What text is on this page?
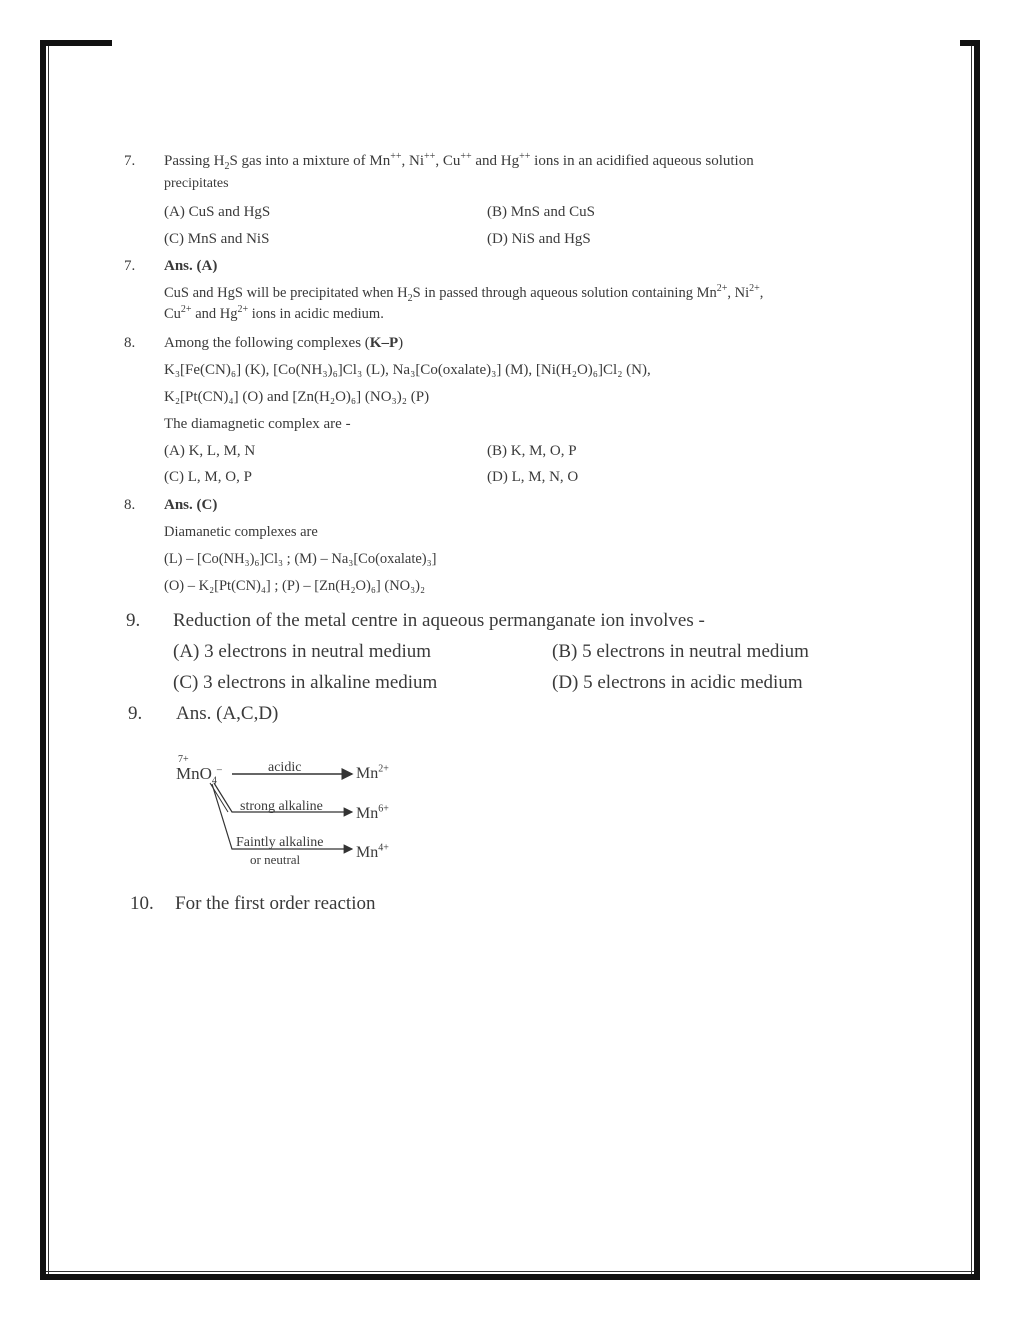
7. Passing $H_2S$ gas into a mixture of Mn++, Ni++, Cu++ and Hg++ ions in an acidified aqueous solution
precipitates
(A) CuS and HgS	(B) MnS and CuS
(C) MnS and NiS	(D) NiS and HgS
7. Ans. (A)
CuS and HgS will be precipitated when $H_2S$ in passed through aqueous solution containing $Mn^{2+}$, $Ni^{2+}$,
$Cu^{2+}$ and $Hg^{2+}$ ions in acidic medium.
8. Among the following complexes (K–P)
K₃[Fe(CN)₆] (K), [Co(NH₃)₆]Cl₃ (L), Na₃[Co(oxalate)₃] (M), [Ni(H₂O)₆]Cl₂ (N),
K₂[Pt(CN)₄] (O) and [Zn(H₂O)₆] (NO₃)₂ (P)
The diamagnetic complex are -
(A) K, L, M, N	(B) K, M, O, P
(C) L, M, O, P	(D) L, M, N, O
8. Ans. (C)
Diamanetic complexes are
(L) – [Co(NH₃)₆]Cl₃ ; (M) – Na₃[Co(oxalate)₃]
(O) – K₂[Pt(CN)₄] ; (P) – [Zn(H₂O)₆] (NO₃)₂
9. Reduction of the metal centre in aqueous permanganate ion involves -
(A) 3 electrons in neutral medium	(B) 5 electrons in neutral medium
(C) 3 electrons in alkaline medium	(D) 5 electrons in acidic medium
9. Ans. (A,C,D)
7+
MnO$_4$–	acidic	$Mn^{2+}$
strong alkaline $Mn^{6+}$
Faintly alkaline
or neutral	$Mn^{4+}$
10. For the first order reaction
